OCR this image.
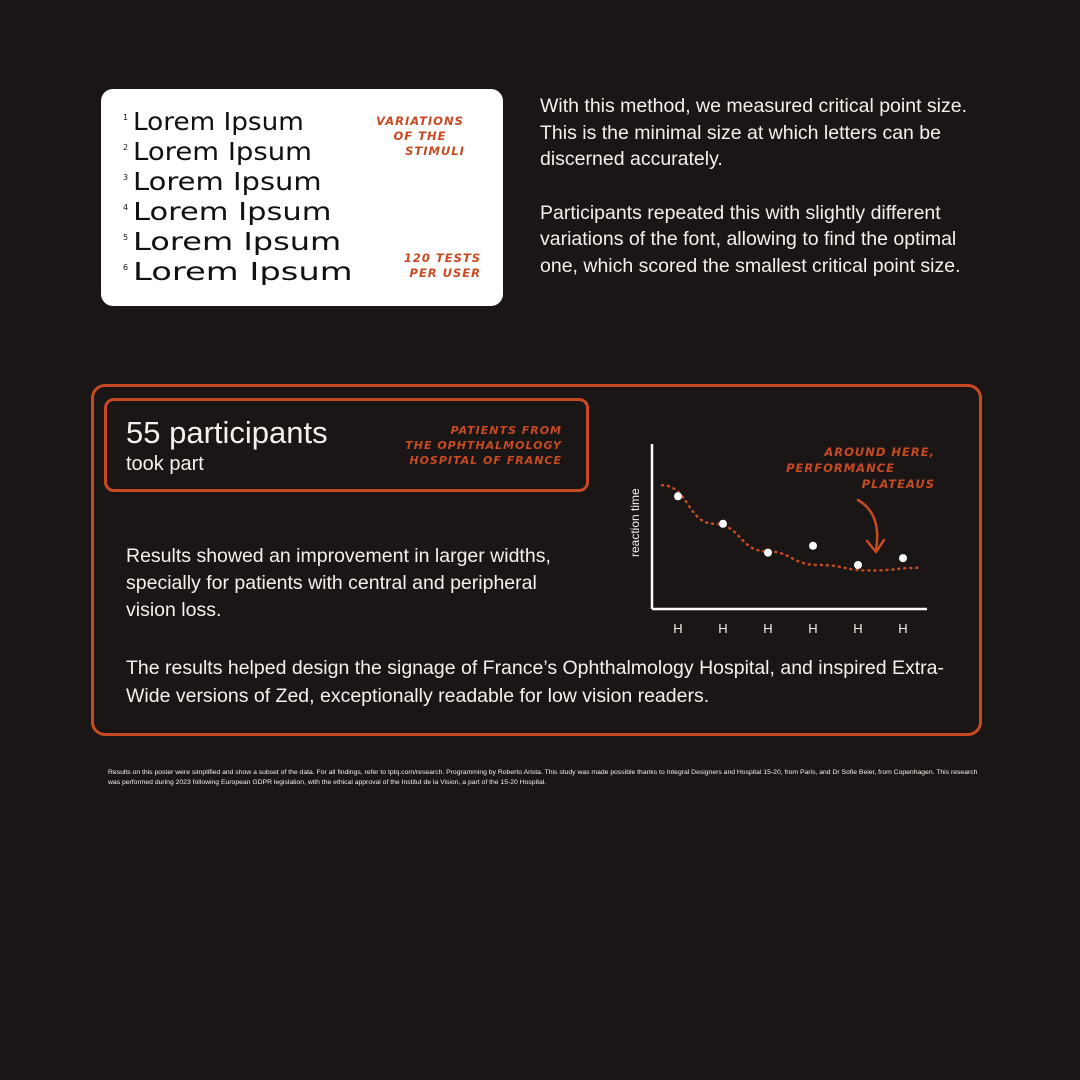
1 Lorem Ipsum
2 Lorem Ipsum
3 Lorem Ipsum
4 Lorem Ipsum
5 Lorem Ipsum
6 Lorem Ipsum
VARIATIONS
OF THE
STIMULI
120 TESTS
PER USER

With this method, we measured critical point size. This is the minimal size at which letters can be discerned accurately.

Participants repeated this with slightly different variations of the font, allowing to find the optimal one, which scored the smallest critical point size.

55 participants
took part
PATIENTS FROM
THE OPHTHALMOLOGY
HOSPITAL OF FRANCE
Results showed an improvement in larger widths, specially for patients with central and peripheral vision loss.
The results helped design the signage of France’s Ophthalmology Hospital, and inspired Extra-Wide versions of Zed, exceptionally readable for low vision readers.
reaction time
H	H	H	H	H	H
AROUND HERE,
PERFORMANCE
PLATEAUS
Results on this poster were simplified and show a subset of the data. For all findings, refer to tptq.com/research. Programming by Roberto Arista. This study was made possible thanks to Integral Designers and Hospital 15-20, from Paris, and Dr Sofie Beier, from Copenhagen. This research was performed during 2023 following European GDPR legislation, with the ethical approval of the Institut de la Vision, a part of the 15-20 Hospital.
